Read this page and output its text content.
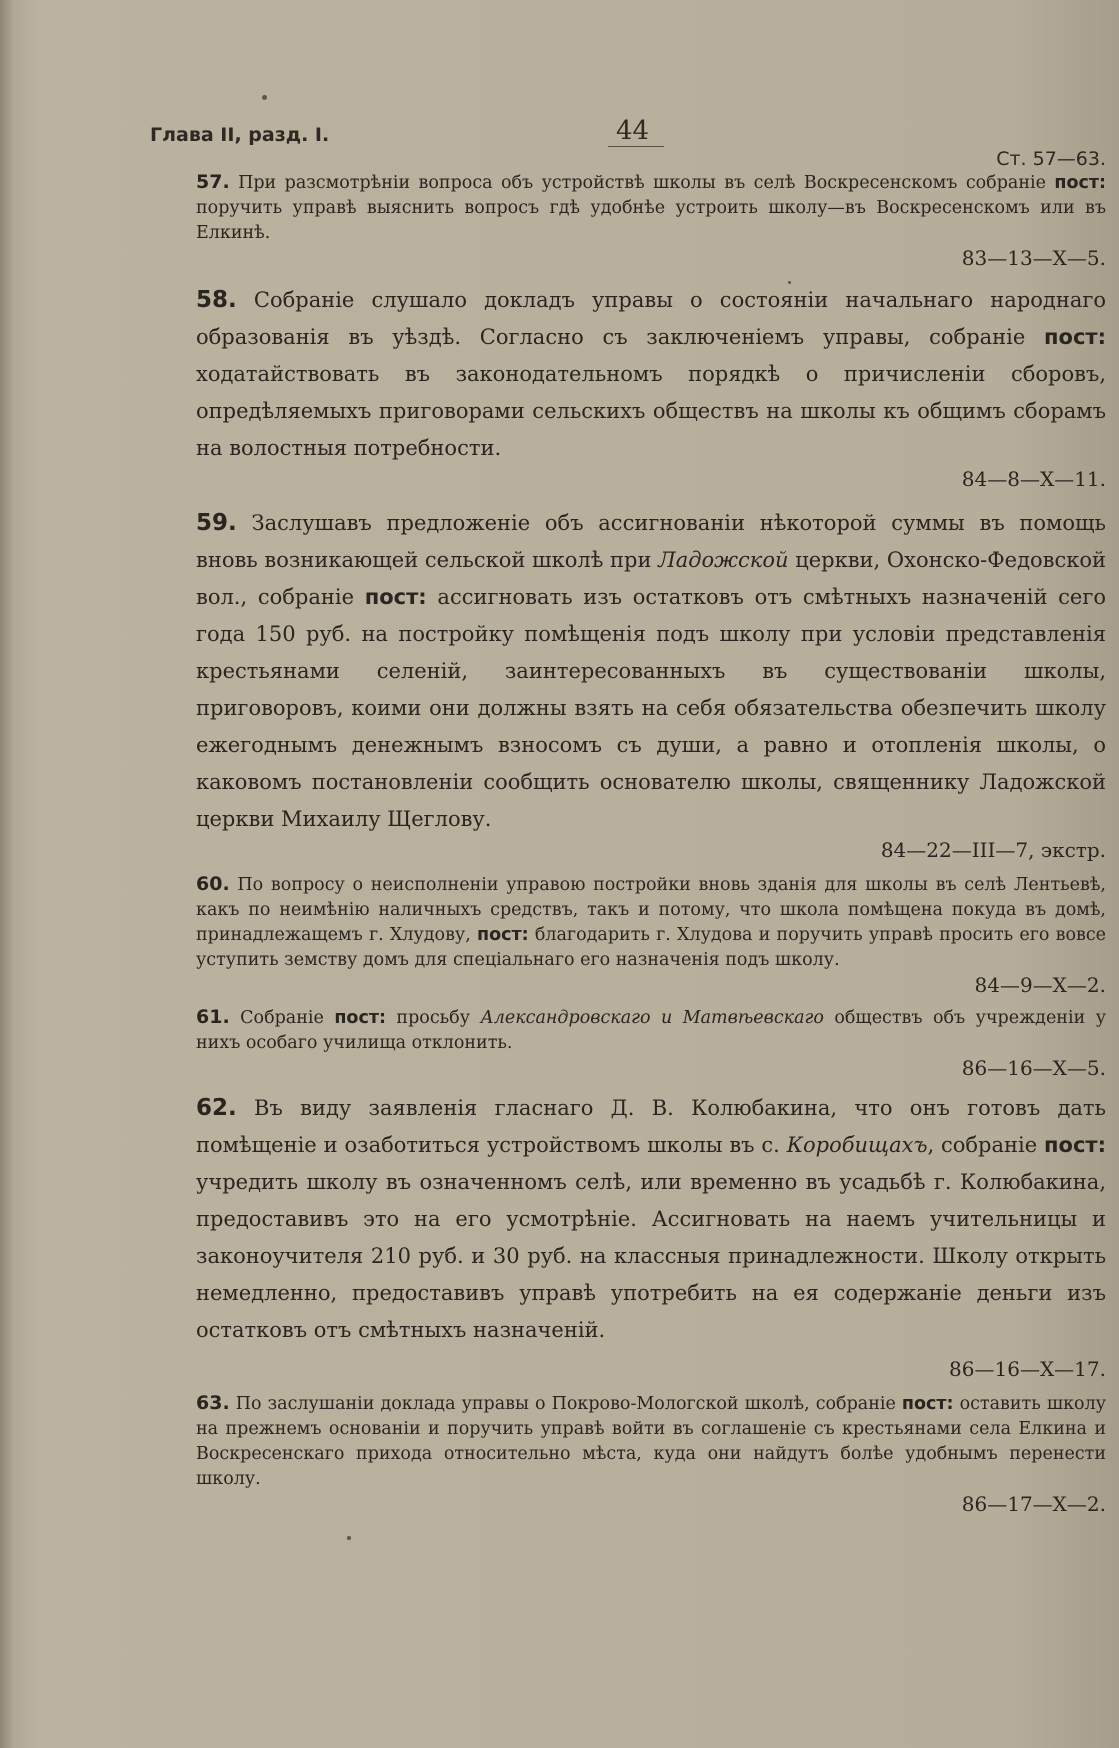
Глава II, разд. I.	44
Ст. 57—63.

57. При разсмотрѣніи вопроса объ устройствѣ школы въ селѣ Воскресенскомъ собраніе пост: поручить управѣ выяснить вопросъ гдѣ удобнѣе устроить школу—въ Воскресенскомъ или въ Елкинѣ.

83—13—X—5.

58. Собраніе слушало докладъ управы о состояніи начальнаго народнаго образованія въ уѣздѣ. Согласно съ заключеніемъ управы, собраніе пост: ходатайствовать въ законодательномъ порядкѣ о причисленіи сборовъ, опредѣляемыхъ приговорами сельскихъ обществъ на школы къ общимъ сборамъ на волостныя потребности.

84—8—X—11.

59. Заслушавъ предложеніе объ ассигнованіи нѣкоторой суммы въ помощь вновь возникающей сельской школѣ при Ладожской церкви, Охонско-Федовской вол., собраніе пост: ассигновать изъ остатковъ отъ смѣтныхъ назначеній сего года 150 руб. на постройку помѣщенія подъ школу при условіи представленія крестьянами селеній, заинтересованныхъ въ существованіи школы, приговоровъ, коими они должны взять на себя обязательства обезпечить школу ежегоднымъ денежнымъ взносомъ съ души, а равно и отопленія школы, о каковомъ постановленіи сообщить основателю школы, священнику Ладожской церкви Михаилу Щеглову.

84—22—III—7, экстр.

60. По вопросу о неисполненіи управою постройки вновь зданія для школы въ селѣ Лентьевѣ, какъ по неимѣнію наличныхъ средствъ, такъ и потому, что школа помѣщена покуда въ домѣ, принадлежащемъ г. Хлудову, пост: благодарить г. Хлудова и поручить управѣ просить его вовсе уступить земству домъ для спеціальнаго его назначенія подъ школу.

84—9—X—2.

61. Собраніе пост: просьбу Александровскаго и Матвѣевскаго обществъ объ учрежденіи у нихъ особаго училища отклонить.

86—16—X—5.

62. Въ виду заявленія гласнаго Д. В. Колюбакина, что онъ готовъ дать помѣщеніе и озаботиться устройствомъ школы въ с. Коробищахъ, собраніе пост: учредить школу въ означенномъ селѣ, или временно въ усадьбѣ г. Колюбакина, предоставивъ это на его усмотрѣніе. Ассигновать на наемъ учительницы и законоучителя 210 руб. и 30 руб. на классныя принадлежности. Школу открыть немедленно, предоставивъ управѣ употребить на ея содержаніе деньги изъ остатковъ отъ смѣтныхъ назначеній.

86—16—X—17.

63. По заслушаніи доклада управы о Покрово-Мологской школѣ, собраніе пост: оставить школу на прежнемъ основаніи и поручить управѣ войти въ соглашеніе съ крестьянами села Елкина и Воскресенскаго прихода относительно мѣста, куда они найдутъ болѣе удобнымъ перенести школу.

86—17—X—2.
